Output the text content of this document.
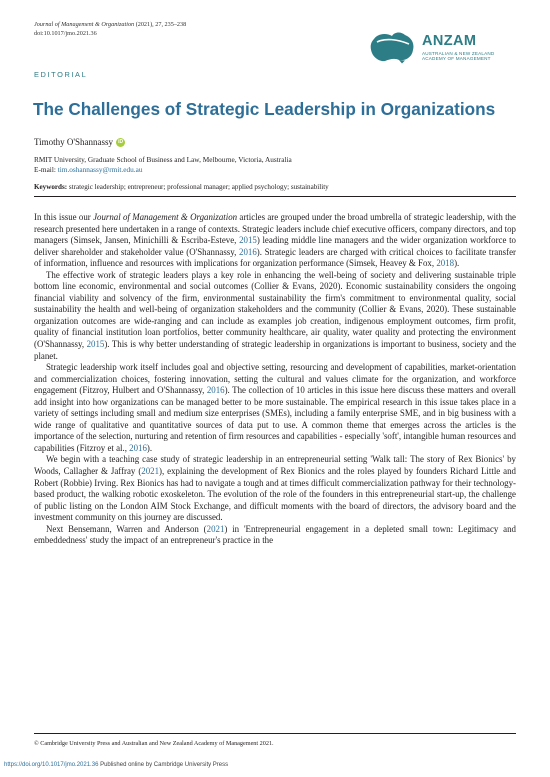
Journal of Management & Organization (2021), 27, 235–238
doi:10.1017/jmo.2021.36	ANZAM
AUSTRALIAN & NEW ZEALAND
ACADEMY OF MANAGEMENT
EDITORIAL
The Challenges of Strategic Leadership in Organizations
Timothy O'Shannassy	iD
RMIT University, Graduate School of Business and Law, Melbourne, Victoria, Australia
E-mail: tim.oshannassy@rmit.edu.au
Keywords: strategic leadership; entrepreneur; professional manager; applied psychology; sustainability

In this issue our Journal of Management & Organization articles are grouped under the broad umbrella of strategic leadership, with the research presented here undertaken in a range of contexts. Strategic leaders include chief executive officers, company directors, and top managers (Simsek, Jansen, Minichilli & Escriba-Esteve, 2015) leading middle line managers and the wider organization workforce to deliver shareholder and stakeholder value (O'Shannassy, 2016). Strategic leaders are charged with critical choices to facilitate transfer of information, influence and resources with implications for organization performance (Simsek, Heavey & Fox, 2018).

The effective work of strategic leaders plays a key role in enhancing the well-being of society and delivering sustainable triple bottom line economic, environmental and social outcomes (Collier & Evans, 2020). Economic sustainability considers the ongoing financial viability and solvency of the firm, environmental sustainability the firm's commitment to environmental quality, social sustainability the health and well-being of organization stakeholders and the community (Collier & Evans, 2020). These sustainable organization outcomes are wide-ranging and can include as examples job creation, indigenous employment outcomes, firm profit, quality of financial institution loan portfolios, better community healthcare, air quality, water quality and protecting the environment (O'Shannassy, 2015). This is why better understanding of strategic leadership in organizations is important to business, society and the planet.

Strategic leadership work itself includes goal and objective setting, resourcing and development of capabilities, market-orientation and commercialization choices, fostering innovation, setting the cultural and values climate for the organization, and workforce engagement (Fitzroy, Hulbert and O'Shannassy, 2016). The collection of 10 articles in this issue here discuss these matters and overall add insight into how organizations can be managed better to be more sustainable. The empirical research in this issue takes place in a variety of settings including small and medium size enterprises (SMEs), including a family enterprise SME, and in big business with a wide range of qualitative and quantitative sources of data put to use. A common theme that emerges across the articles is the importance of the selection, nurturing and retention of firm resources and capabilities - especially 'soft', intangible human resources and capabilities (Fitzroy et al., 2016).

We begin with a teaching case study of strategic leadership in an entrepreneurial setting 'Walk tall: The story of Rex Bionics' by Woods, Callagher & Jaffray (2021), explaining the development of Rex Bionics and the roles played by founders Richard Little and Robert (Robbie) Irving. Rex Bionics has had to navigate a tough and at times difficult commercialization pathway for their technology-based product, the walking robotic exoskeleton. The evolution of the role of the founders in this entrepreneurial start-up, the challenge of public listing on the London AIM Stock Exchange, and difficult moments with the board of directors, the advisory board and the investment community on this journey are discussed.

Next Bensemann, Warren and Anderson (2021) in 'Entrepreneurial engagement in a depleted small town: Legitimacy and embeddedness' study the impact of an entrepreneur's practice in the

© Cambridge University Press and Australian and New Zealand Academy of Management 2021.
https://doi.org/10.1017/jmo.2021.36 Published online by Cambridge University Press
